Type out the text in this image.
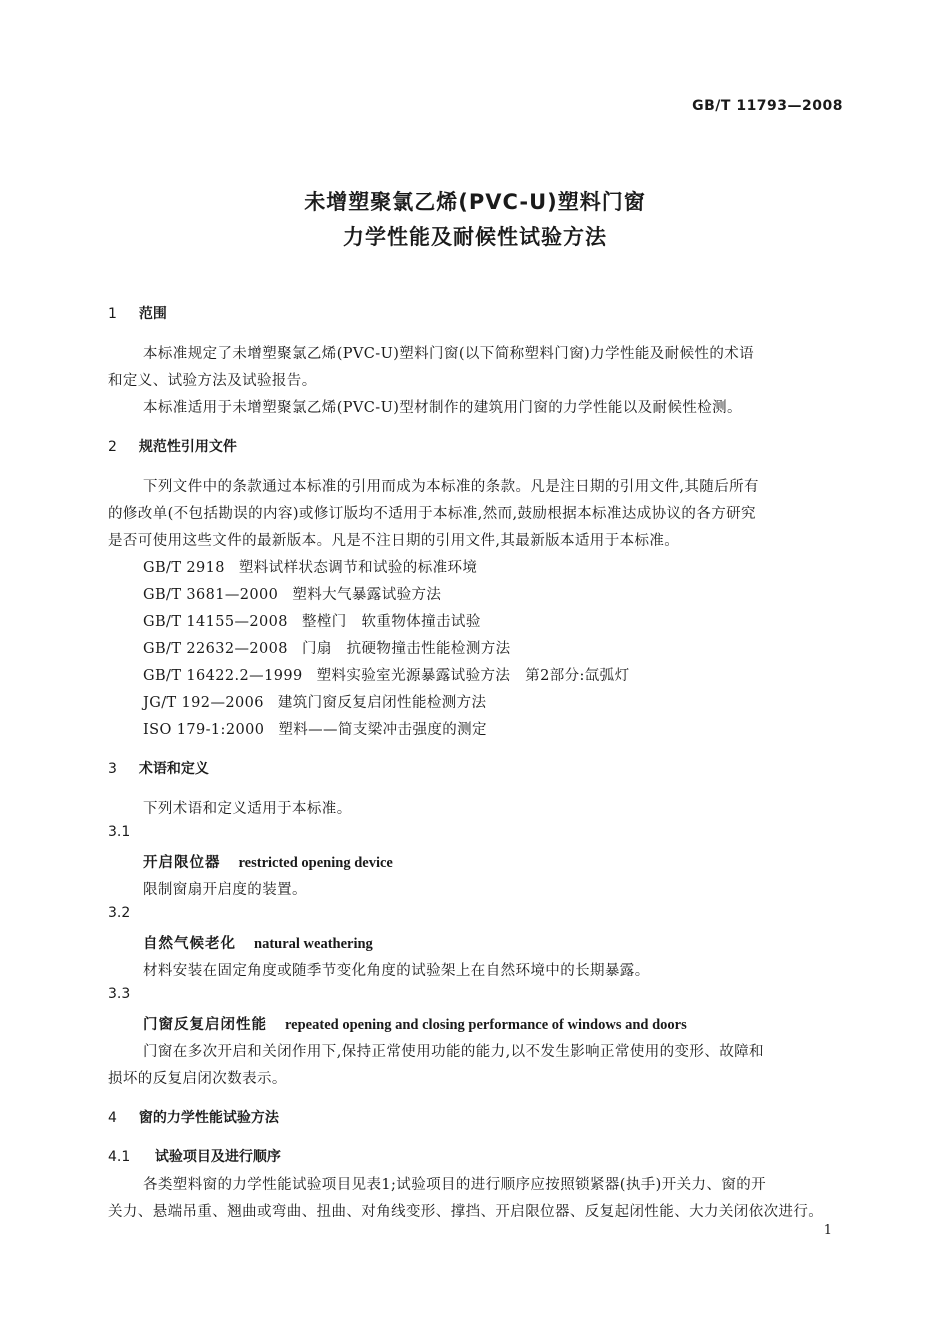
GB/T 11793—2008
未增塑聚氯乙烯(PVC-U)塑料门窗
力学性能及耐候性试验方法
1 范围
本标准规定了未增塑聚氯乙烯(PVC-U)塑料门窗(以下简称塑料门窗)力学性能及耐候性的术语
和定义、试验方法及试验报告。
本标准适用于未增塑聚氯乙烯(PVC-U)型材制作的建筑用门窗的力学性能以及耐候性检测。
2 规范性引用文件
下列文件中的条款通过本标准的引用而成为本标准的条款。凡是注日期的引用文件,其随后所有
的修改单(不包括勘误的内容)或修订版均不适用于本标准,然而,鼓励根据本标准达成协议的各方研究
是否可使用这些文件的最新版本。凡是不注日期的引用文件,其最新版本适用于本标准。
GB/T 2918 塑料试样状态调节和试验的标准环境
GB/T 3681—2000 塑料大气暴露试验方法
GB/T 14155—2008 整樘门　软重物体撞击试验
GB/T 22632—2008 门扇　抗硬物撞击性能检测方法
GB/T 16422.2—1999 塑料实验室光源暴露试验方法　第2部分:氙弧灯
JG/T 192—2006 建筑门窗反复启闭性能检测方法
ISO 179-1:2000 塑料——简支梁冲击强度的测定
3 术语和定义
下列术语和定义适用于本标准。
3.1
开启限位器 restricted opening device
限制窗扇开启度的装置。
3.2
自然气候老化 natural weathering
材料安装在固定角度或随季节变化角度的试验架上在自然环境中的长期暴露。
3.3
门窗反复启闭性能 repeated opening and closing performance of windows and doors
门窗在多次开启和关闭作用下,保持正常使用功能的能力,以不发生影响正常使用的变形、故障和
损坏的反复启闭次数表示。
4 窗的力学性能试验方法
4.1 试验项目及进行顺序
各类塑料窗的力学性能试验项目见表1;试验项目的进行顺序应按照锁紧器(执手)开关力、窗的开
关力、悬端吊重、翘曲或弯曲、扭曲、对角线变形、撑挡、开启限位器、反复起闭性能、大力关闭依次进行。
1
